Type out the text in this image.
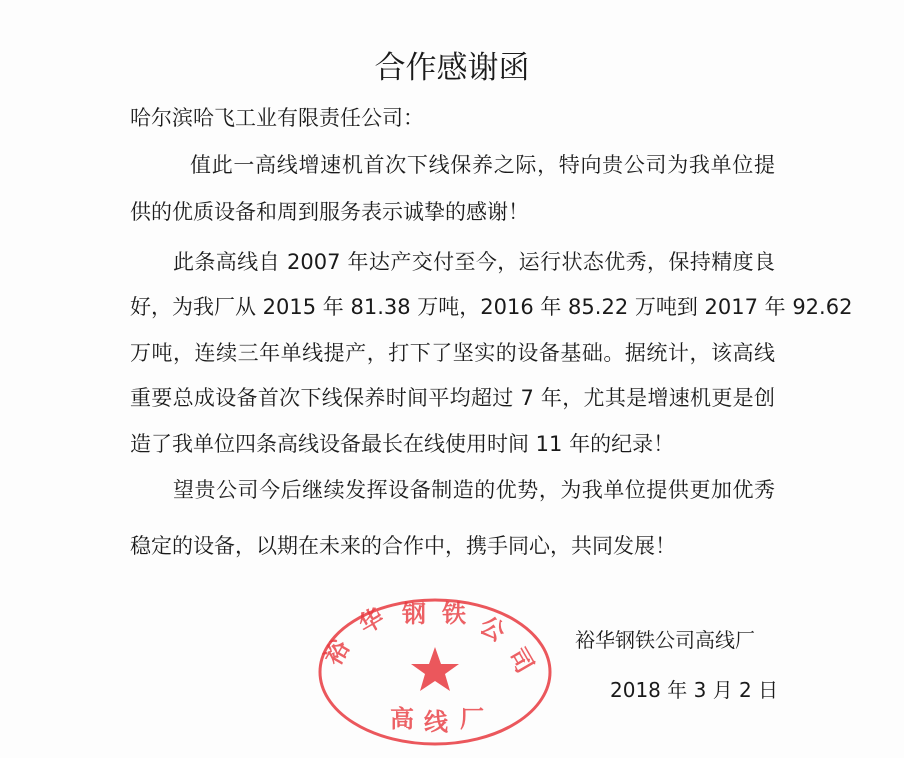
合作感谢函
哈尔滨哈飞工业有限责任公司：
值此一高线增速机首次下线保养之际，特向贵公司为我单位提
供的优质设备和周到服务表示诚挚的感谢！
此条高线自 2007 年达产交付至今，运行状态优秀，保持精度良
好，为我厂从 2015 年 81.38 万吨，2016 年 85.22 万吨到 2017 年 92.62
万吨，连续三年单线提产，打下了坚实的设备基础。据统计，该高线
重要总成设备首次下线保养时间平均超过 7 年，尤其是增速机更是创
造了我单位四条高线设备最长在线使用时间 11 年的纪录！
望贵公司今后继续发挥设备制造的优势，为我单位提供更加优秀
稳定的设备，以期在未来的合作中，携手同心，共同发展！
裕
华 钢 铁 公
司
高 线 厂
裕华钢铁公司高线厂
2018 年 3 月 2 日
